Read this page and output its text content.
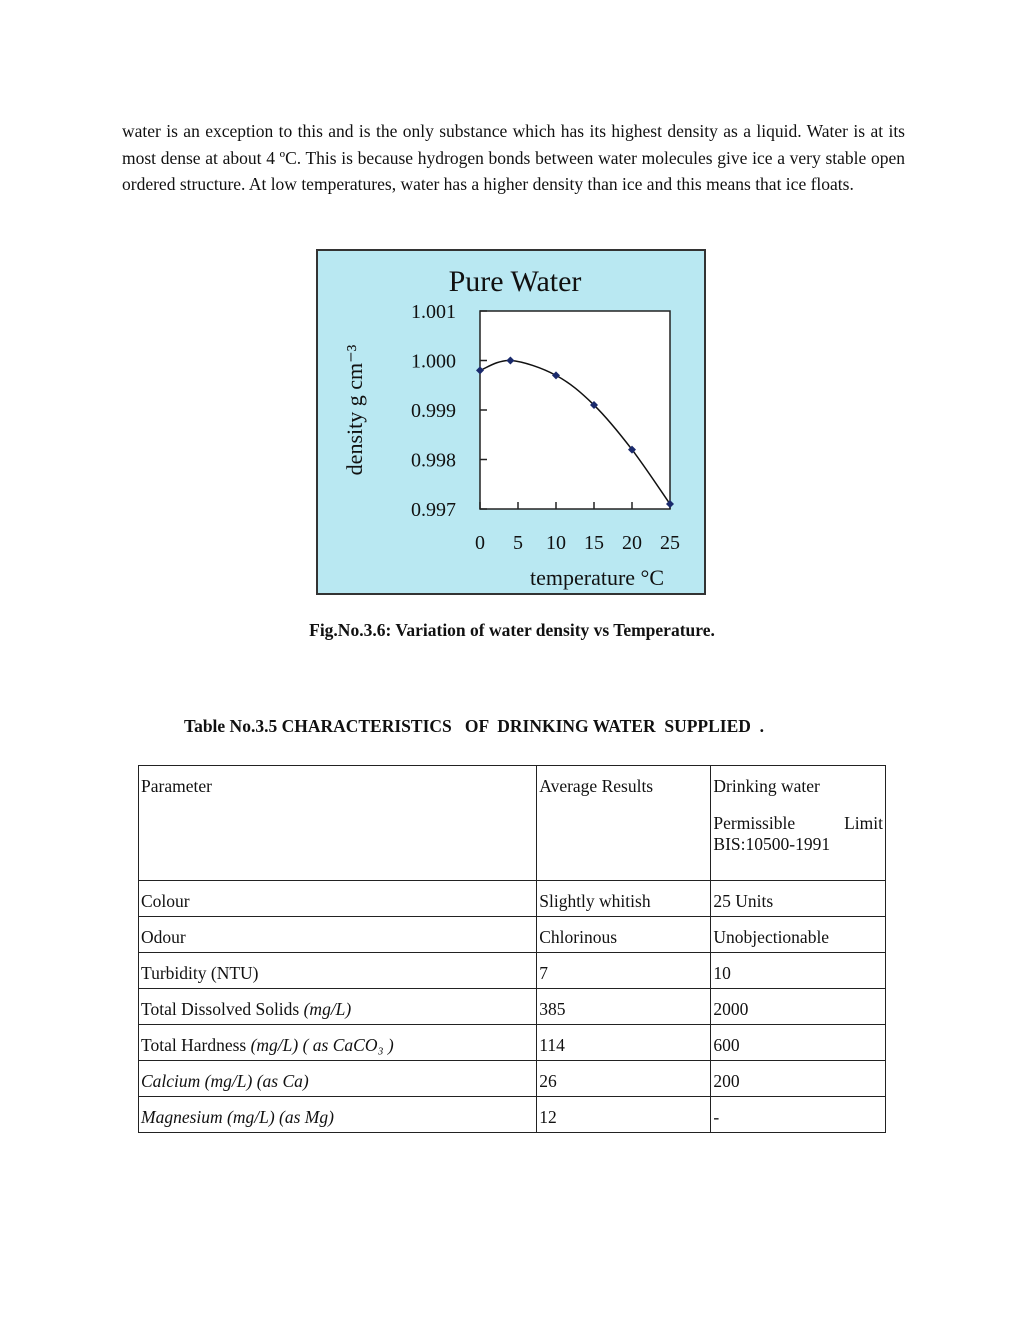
water is an exception to this and is the only substance which has its highest density as a liquid. Water is at its most dense at about 4 ºC. This is because hydrogen bonds between water molecules give ice a very stable open ordered structure. At low temperatures, water has a higher density than ice and this means that ice floats.

Pure Water
density g cm⁻³
temperature °C
1.001
1.000
0.999
0.998
0.997
0 5 10 15 20 25

Fig.No.3.6: Variation of water density vs Temperature.

Table No.3.5 CHARACTERISTICS   OF  DRINKING WATER  SUPPLIED  .

Parameter	Average Results	Drinking water
Permissible Limit
BIS:10500-1991

Colour	Slightly whitish	25 Units
Odour	Chlorinous	Unobjectionable
Turbidity (NTU)	7	10
Total Dissolved Solids (mg/L)	385	2000
Total Hardness (mg/L) ( as CaCO₃ )	114	600
Calcium (mg/L) (as Ca)	26	200
Magnesium (mg/L) (as Mg)	12	-
